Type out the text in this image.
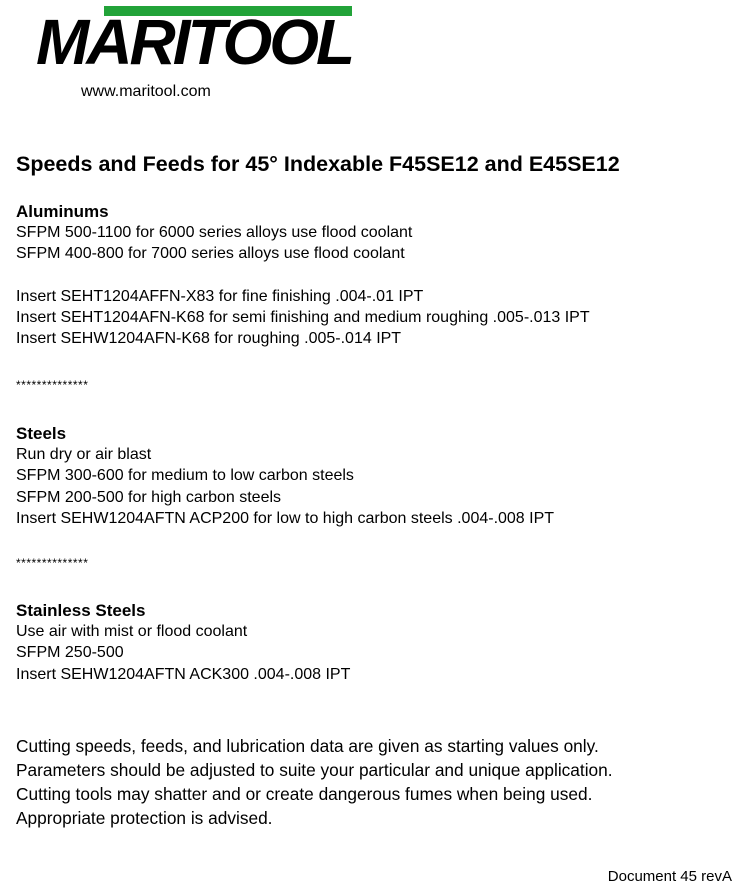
MARITOOL
www.maritool.com
Speeds and Feeds for 45° Indexable F45SE12 and E45SE12
Aluminums
SFPM 500-1100 for 6000 series alloys use flood coolant
SFPM 400-800 for 7000 series alloys use flood coolant
Insert SEHT1204AFFN-X83 for fine finishing .004-.01 IPT
Insert SEHT1204AFN-K68 for semi finishing and medium roughing .005-.013 IPT
Insert SEHW1204AFN-K68 for roughing .005-.014 IPT
**************
Steels
Run dry or air blast
SFPM 300-600 for medium to low carbon steels
SFPM 200-500 for high carbon steels
Insert SEHW1204AFTN ACP200 for low to high carbon steels .004-.008 IPT
**************
Stainless Steels
Use air with mist or flood coolant
SFPM 250-500
Insert SEHW1204AFTN ACK300 .004-.008 IPT
Cutting speeds, feeds, and lubrication data are given as starting values only.
Parameters should be adjusted to suite your particular and unique application.
Cutting tools may shatter and or create dangerous fumes when being used.
Appropriate protection is advised.
Document 45 revA
